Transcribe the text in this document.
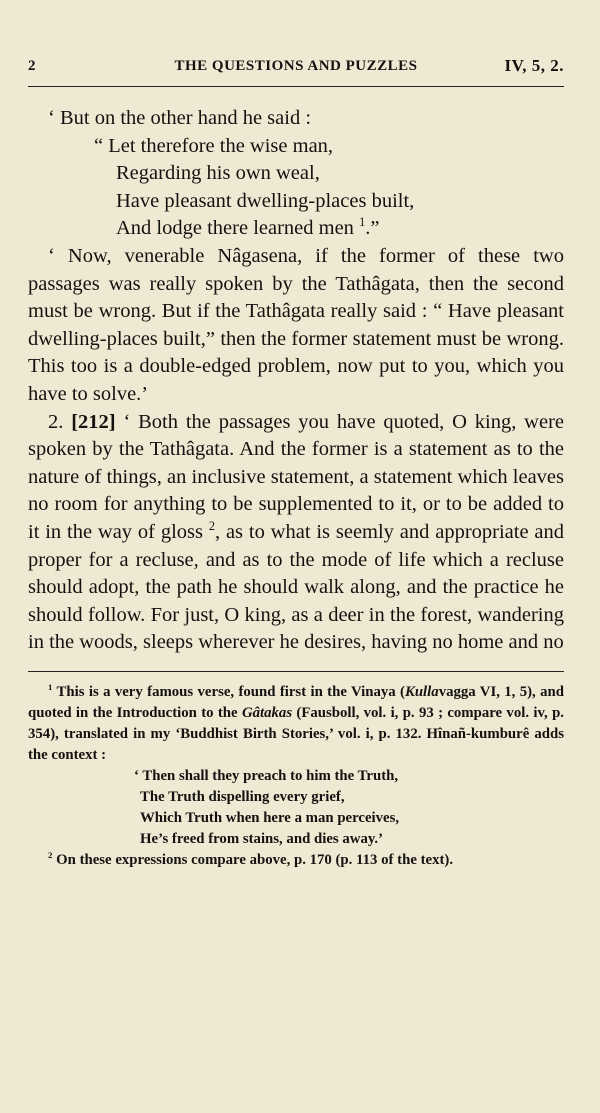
2	THE QUESTIONS AND PUZZLES	IV, 5, 2.
‘ But on the other hand he said :
“ Let therefore the wise man,
Regarding his own weal,
Have pleasant dwelling-places built,
And lodge there learned men $^1$.”

‘ Now, venerable Nâgasena, if the former of these two passages was really spoken by the Tathâgata, then the second must be wrong. But if the Tathâgata really said : “ Have pleasant dwelling-places built,” then the former statement must be wrong. This too is a double-edged problem, now put to you, which you have to solve.’

2. [212] ‘ Both the passages you have quoted, O king, were spoken by the Tathâgata. And the former is a statement as to the nature of things, an inclusive statement, a statement which leaves no room for anything to be supplemented to it, or to be added to it in the way of gloss $^2$, as to what is seemly and appropriate and proper for a recluse, and as to the mode of life which a recluse should adopt, the path he should walk along, and the practice he should follow. For just, O king, as a deer in the forest, wandering in the woods, sleeps wherever he desires, having no home and no

$^1$ This is a very famous verse, found first in the Vinaya (Kullavagga VI, 1, 5), and quoted in the Introduction to the Gâtakas (Fausboll, vol. i, p. 93 ; compare vol. iv, p. 354), translated in my ‘Buddhist Birth Stories,’ vol. i, p. 132. Hînañ-kumburê adds the context :

‘ Then shall they preach to him the Truth,
The Truth dispelling every grief,
Which Truth when here a man perceives,
He’s freed from stains, and dies away.’

$^2$ On these expressions compare above, p. 170 (p. 113 of the text).
